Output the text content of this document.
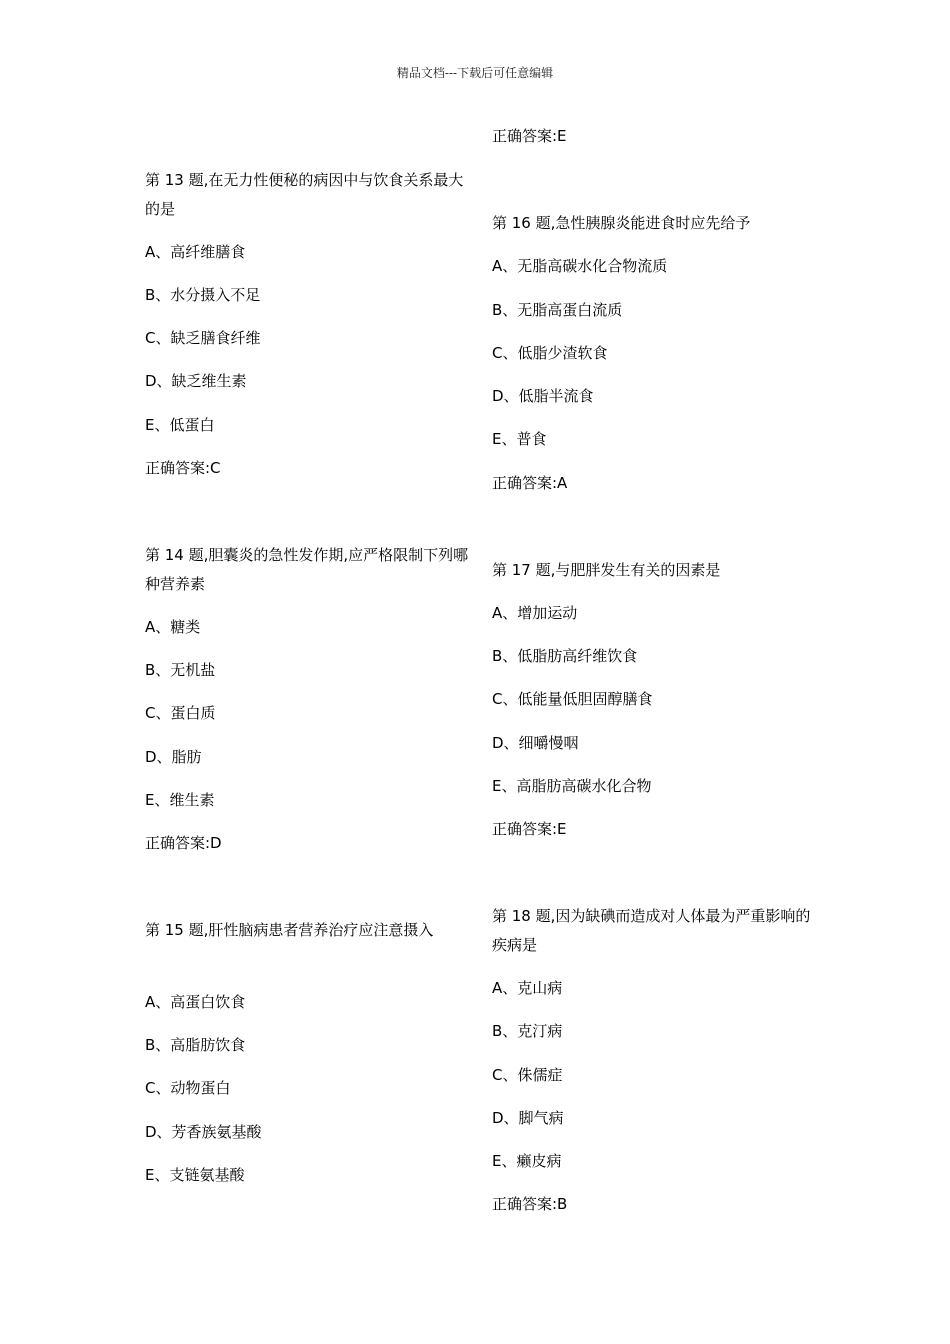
精品文档---下载后可任意编辑
第 13 题,在无力性便秘的病因中与饮食关系最大的是
A、高纤维膳食
B、水分摄入不足
C、缺乏膳食纤维
D、缺乏维生素
E、低蛋白
正确答案:C
第 14 题,胆囊炎的急性发作期,应严格限制下列哪种营养素
A、糖类
B、无机盐
C、蛋白质
D、脂肪
E、维生素
正确答案:D
第 15 题,肝性脑病患者营养治疗应注意摄入
A、高蛋白饮食
B、高脂肪饮食
C、动物蛋白
D、芳香族氨基酸
E、支链氨基酸
正确答案:E
第 16 题,急性胰腺炎能进食时应先给予
A、无脂高碳水化合物流质
B、无脂高蛋白流质
C、低脂少渣软食
D、低脂半流食
E、普食
正确答案:A
第 17 题,与肥胖发生有关的因素是
A、增加运动
B、低脂肪高纤维饮食
C、低能量低胆固醇膳食
D、细嚼慢咽
E、高脂肪高碳水化合物
正确答案:E
第 18 题,因为缺碘而造成对人体最为严重影响的疾病是
A、克山病
B、克汀病
C、侏儒症
D、脚气病
E、癞皮病
正确答案:B
